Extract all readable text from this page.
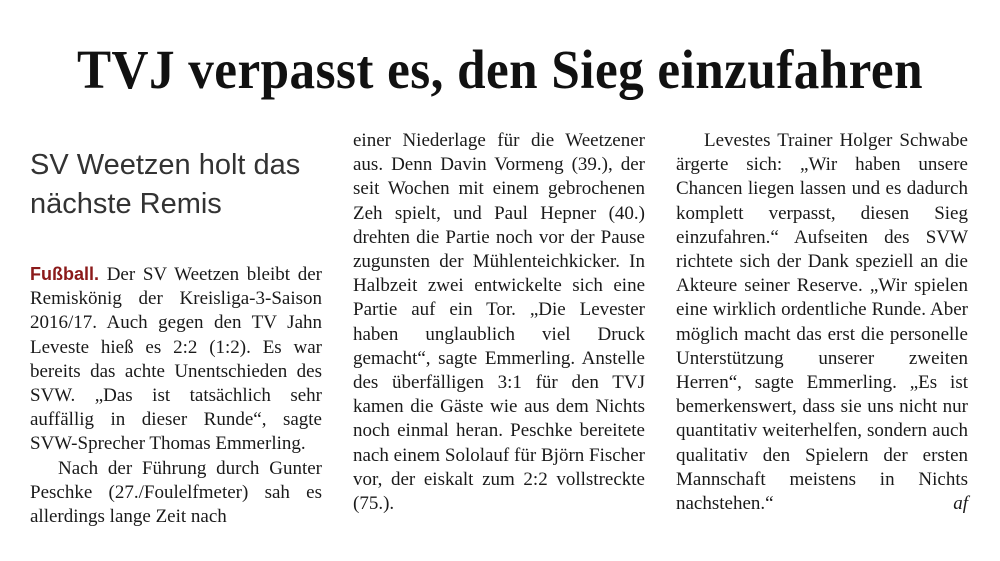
TVJ verpasst es, den Sieg einzufahren
SV Weetzen holt das nächste Remis

Fußball. Der SV Weetzen bleibt der Remiskönig der Kreisliga-3-Saison 2016/17. Auch gegen den TV Jahn Leveste hieß es 2:2 (1:2). Es war bereits das achte Unentschieden des SVW. „Das ist tatsächlich sehr auffällig in dieser Runde“, sagte SVW-Sprecher Thomas Emmerling.

Nach der Führung durch Gunter Peschke (27./Foulelfmeter) sah es allerdings lange Zeit nach

einer Niederlage für die Weetzener aus. Denn Davin Vormeng (39.), der seit Wochen mit einem gebrochenen Zeh spielt, und Paul Hepner (40.) drehten die Partie noch vor der Pause zugunsten der Mühlenteichkicker. In Halbzeit zwei entwickelte sich eine Partie auf ein Tor. „Die Levester haben unglaublich viel Druck gemacht“, sagte Emmerling. Anstelle des überfälligen 3:1 für den TVJ kamen die Gäste wie aus dem Nichts noch einmal heran. Peschke bereitete nach einem Sololauf für Björn Fischer vor, der eiskalt zum 2:2 vollstreckte (75.).

Levestes Trainer Holger Schwabe ärgerte sich: „Wir haben unsere Chancen liegen lassen und es dadurch komplett verpasst, diesen Sieg einzufahren.“ Aufseiten des SVW richtete sich der Dank speziell an die Akteure seiner Reserve. „Wir spielen eine wirklich ordentliche Runde. Aber möglich macht das erst die personelle Unterstützung unserer zweiten Herren“, sagte Emmerling. „Es ist bemerkenswert, dass sie uns nicht nur quantitativ weiterhelfen, sondern auch qualitativ den Spielern der ersten Mannschaft meistens in Nichts nachstehen.“	af
